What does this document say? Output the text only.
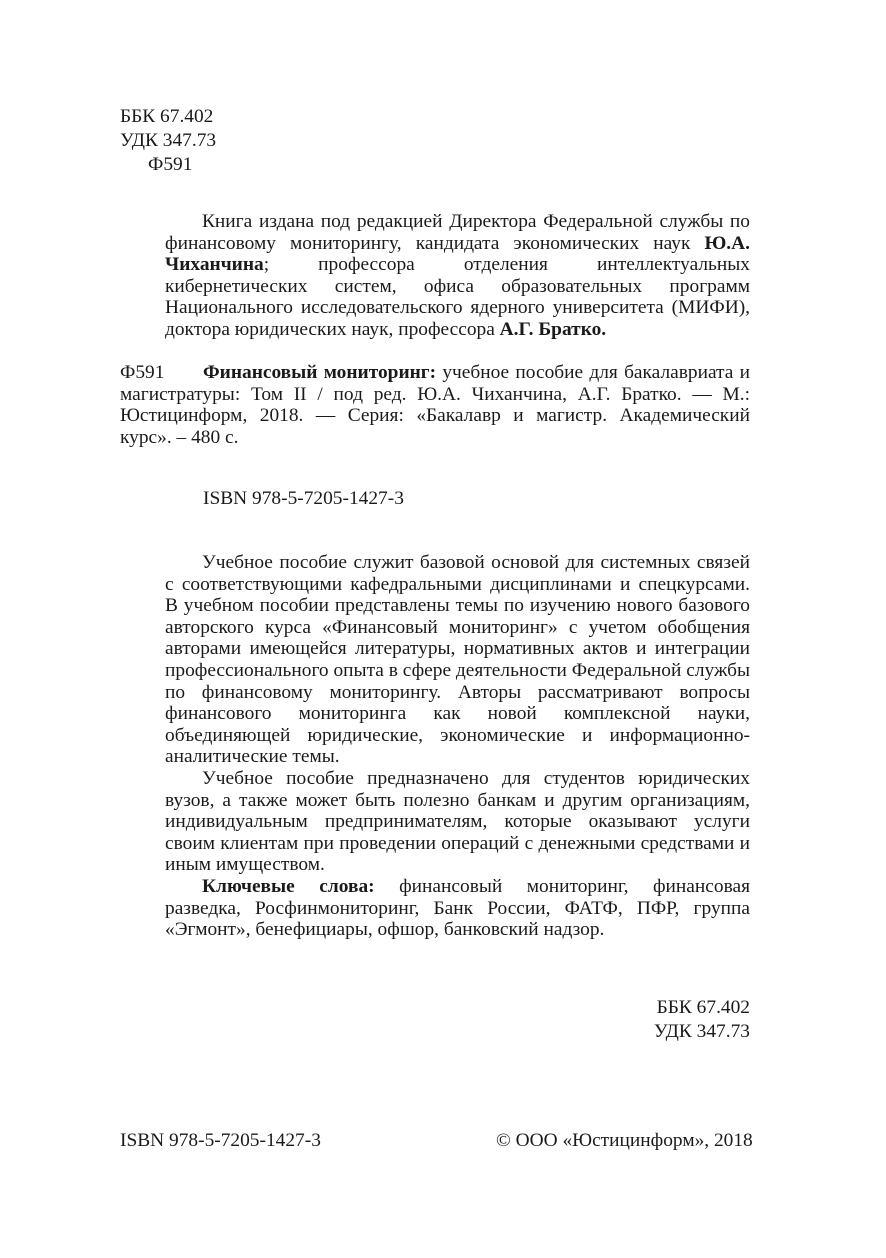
ББК 67.402
УДК 347.73
Ф591

Книга издана под редакцией Директора Федеральной службы по финансовому мониторингу, кандидата экономических наук Ю.А. Чиханчина; профессора отделения интеллектуальных кибернетических систем, офиса образовательных программ Национального исследовательского ядерного университета (МИФИ), доктора юридических наук, профессора А.Г. Братко.

Ф591 Финансовый мониторинг: учебное пособие для бакалавриата и магистратуры: Том II / под ред. Ю.А. Чиханчина, А.Г. Братко. — М.: Юстицинформ, 2018. — Серия: «Бакалавр и магистр. Академический курс». – 480 с.
ISBN 978-5-7205-1427-3

Учебное пособие служит базовой основой для системных связей с соответствующими кафедральными дисциплинами и спецкурсами. В учебном пособии представлены темы по изучению нового базового авторского курса «Финансовый мониторинг» с учетом обобщения авторами имеющейся литературы, нормативных актов и интеграции профессионального опыта в сфере деятельности Федеральной службы по финансовому мониторингу. Авторы рассматривают вопросы финансового мониторинга как новой комплексной науки, объединяющей юридические, экономические и информационно-аналитические темы.

Учебное пособие предназначено для студентов юридических вузов, а также может быть полезно банкам и другим организациям, индивидуальным предпринимателям, которые оказывают услуги своим клиентам при проведении операций с денежными средствами и иным имуществом.

Ключевые слова: финансовый мониторинг, финансовая разведка, Росфинмониторинг, Банк России, ФАТФ, ПФР, группа «Эгмонт», бенефициары, офшор, банковский надзор.

ББК 67.402
УДК 347.73
ISBN 978-5-7205-1427-3	© ООО «Юстицинформ», 2018
